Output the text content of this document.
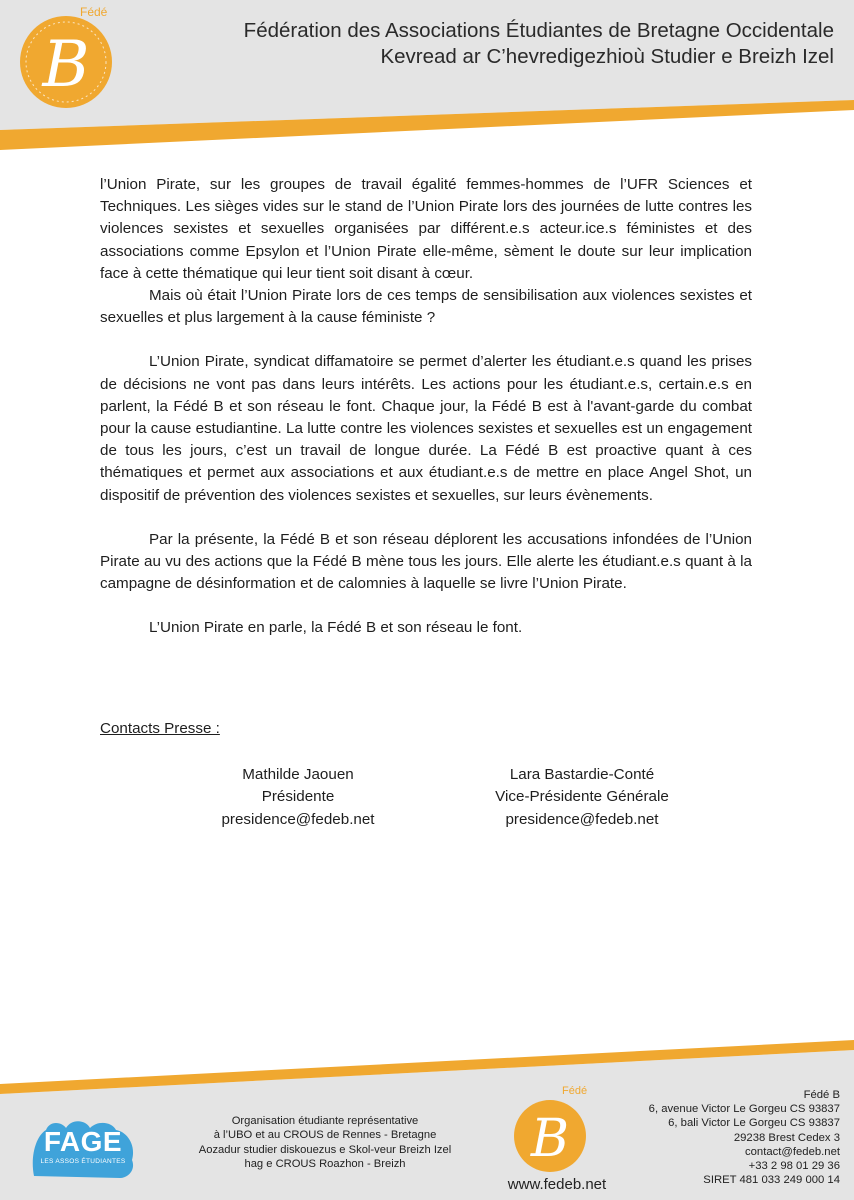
Fédé
B	Fédération des Associations Étudiantes de Bretagne Occidentale
Kevread ar C’hevredigezhioù Studier e Breizh Izel

l’Union Pirate, sur les groupes de travail égalité femmes-hommes de l’UFR Sciences et Techniques. Les sièges vides sur le stand de l’Union Pirate lors des journées de lutte contres les violences sexistes et sexuelles organisées par différent.e.s acteur.ice.s féministes et des associations comme Epsylon et l’Union Pirate elle-même, sèment le doute sur leur implication face à cette thématique qui leur tient soit disant à cœur.

Mais où était l’Union Pirate lors de ces temps de sensibilisation aux violences sexistes et sexuelles et plus largement à la cause féministe ?

L’Union Pirate, syndicat diffamatoire se permet d’alerter les étudiant.e.s quand les prises de décisions ne vont pas dans leurs intérêts. Les actions pour les étudiant.e.s, certain.e.s en parlent, la Fédé B et son réseau le font. Chaque jour, la Fédé B est à l'avant-garde du combat pour la cause estudiantine. La lutte contre les violences sexistes et sexuelles est un engagement de tous les jours, c’est un travail de longue durée. La Fédé B est proactive quant à ces thématiques et permet aux associations et aux étudiant.e.s de mettre en place Angel Shot, un dispositif de prévention des violences sexistes et sexuelles, sur leurs évènements.

Par la présente, la Fédé B et son réseau déplorent les accusations infondées de l’Union Pirate au vu des actions que la Fédé B mène tous les jours. Elle alerte les étudiant.e.s quant à la campagne de désinformation et de calomnies à laquelle se livre l’Union Pirate.

L’Union Pirate en parle, la Fédé B et son réseau le font.

Contacts Presse :
Mathilde Jaouen
Présidente
presidence@fedeb.net
Lara Bastardie-Conté
Vice-Présidente Générale
presidence@fedeb.net
FAGE
LES ASSOS ÉTUDIANTES
Organisation étudiante représentative
à l’UBO et au CROUS de Rennes - Bretagne
Aozadur studier diskouezus e Skol-veur Breizh Izel
hag e CROUS Roazhon - Breizh
Fédé
B
www.fedeb.net
Fédé B
6, avenue Victor Le Gorgeu CS 93837
6, bali Victor Le Gorgeu CS 93837
29238 Brest Cedex 3
contact@fedeb.net
+33 2 98 01 29 36
SIRET 481 033 249 000 14
